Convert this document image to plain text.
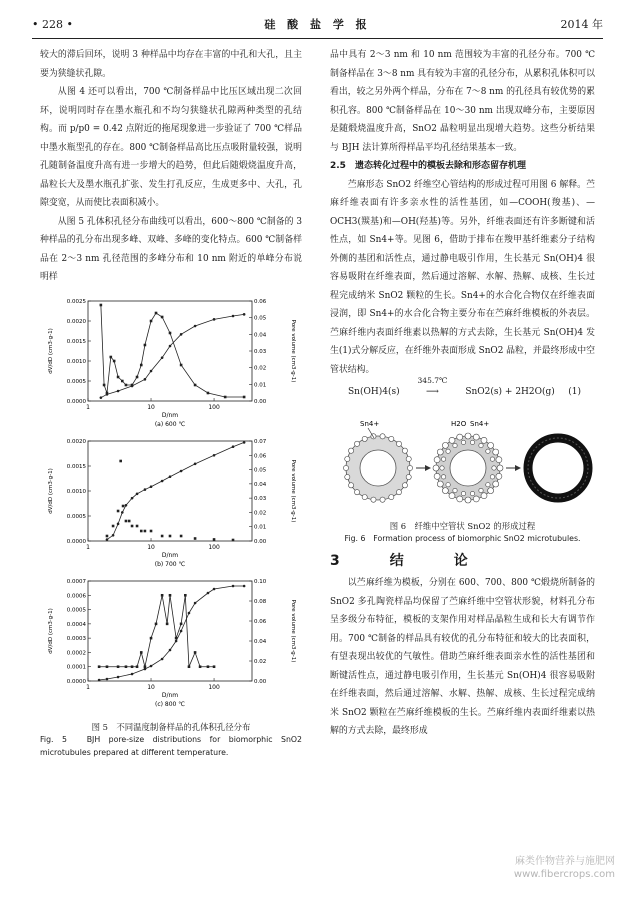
• 228 •	硅 酸 盐 学 报	2014 年

较大的滞后回环，说明 3 种样品中均存在丰富的中孔和大孔，且主要为狭缝状孔隙。

从图 4 还可以看出，700 ℃制备样品中比压区域出现二次回环，说明同时存在墨水瓶孔和不均匀狭缝状孔隙两种类型的孔结构。而 p/p0 = 0.42 点附近的拖尾现象进一步验证了 700 ℃样品中墨水瓶型孔的存在。800 ℃制备样品高比压点吸附量较强，说明孔随制备温度升高有进一步增大的趋势，但此后随煅烧温度升高，晶粒长大及墨水瓶孔扩张、发生打孔反应，生成更多中、大孔，孔隙变宽，从而使比表面积减小。

从图 5 孔体积孔径分布曲线可以看出，600～800 ℃制备的 3 种样品的孔分布出现多峰、双峰、多峰的变化特点。600 ℃制备样品在 2～3 nm 孔径范围的多峰分布和 10 nm 附近的单峰分布说明样

0.0000
0.0005
0.0010
0.0015
0.0020
0.0025
0.00
0.01
0.02
0.03
0.04
0.05
0.06
1	10	100
D/nm
(a) 600 ℃
dV/dD (cm3·g-1)	Pore volume (cm3·g-1)
0.0000
0.0005
0.0010
0.0015
0.0020
0.00
0.01
0.02
0.03
0.04
0.05
0.06
0.07
1	10	100
D/nm
(b) 700 ℃
dV/dD (cm3·g-1)	Pore volume (cm3·g-1)
0.0000
0.0001
0.0002
0.0003
0.0004
0.0005
0.0006
0.0007
0.00
0.02
0.04
0.06
0.08
0.10
1	10	100
D/nm
(c) 800 ℃
dV/dD (cm3·g-1)	Pore volume (cm3·g-1)

图 5　不同温度制备样品的孔体积孔径分布

Fig. 5　BJH pore-size distributions for biomorphic SnO2 microtubules prepared at different temperature.

品中具有 2～3 nm 和 10 nm 范围较为丰富的孔径分布。700 ℃制备样品在 3～8 nm 具有较为丰富的孔径分布，从累积孔体积可以看出，较之另外两个样品，分布在 7～8 nm 的孔径具有较优势的累积孔容。800 ℃制备样品在 10～30 nm 出现双峰分布，主要原因是随煅烧温度升高，SnO2 晶粒明显出现增大趋势。这些分析结果与 BJH 法计算所得样品平均孔径结果基本一致。

2.5　遗态转化过程中的模板去除和形态留存机理

苎麻形态 SnO2 纤维空心管结构的形成过程可用图 6 解释。苎麻纤维表面有许多亲水性的活性基团，如—COOH(羧基)、—OCH3(羰基)和—OH(羟基)等。另外，纤维表面还有许多断键和活性点，如 Sn4+等。见图 6，借助于排布在羧甲基纤维素分子结构外侧的基团和活性点，通过静电吸引作用，生长基元 Sn(OH)4 很容易吸附在纤维表面，然后通过溶解、水解、热解、成核、生长过程完成纳米 SnO2 颗粒的生长。Sn4+的水合化合物仅在纤维表面浸润，即 Sn4+的水合化合物主要分布在苎麻纤维模板的外表层。苎麻纤维内表面纤维素以热解的方式去除，生长基元 Sn(OH)4 发生(1)式分解反应，在纤维外表面形成 SnO2 晶粒，并最终形成中空管状结构。

Sn(OH)4(s)
345.7℃
⟶	SnO2(s) + 2H2O(g) (1)
Sn4+	H2O Sn4+

图 6　纤维中空管状 SnO2 的形成过程

Fig. 6　Formation process of biomorphic SnO2 microtubules.

3　结　论

以苎麻纤维为模板，分别在 600、700、800 ℃煅烧所制备的 SnO2 多孔陶瓷样品均保留了苎麻纤维中空管状形貌，材料孔分布呈多级分布特征，模板的支架作用对样品晶粒生成和长大有调节作用。700 ℃制备的样品具有较优的孔分布特征和较大的比表面积，有望表现出较优的气敏性。借助苎麻纤维表面亲水性的活性基团和断键活性点，通过静电吸引作用，生长基元 Sn(OH)4 很容易吸附在纤维表面，然后通过溶解、水解、热解、成核、生长过程完成纳米 SnO2 颗粒在苎麻纤维模板的生长。苎麻纤维内表面纤维素以热解的方式去除，最终形成

麻类作物营养与施肥网
www.fibercrops.com
